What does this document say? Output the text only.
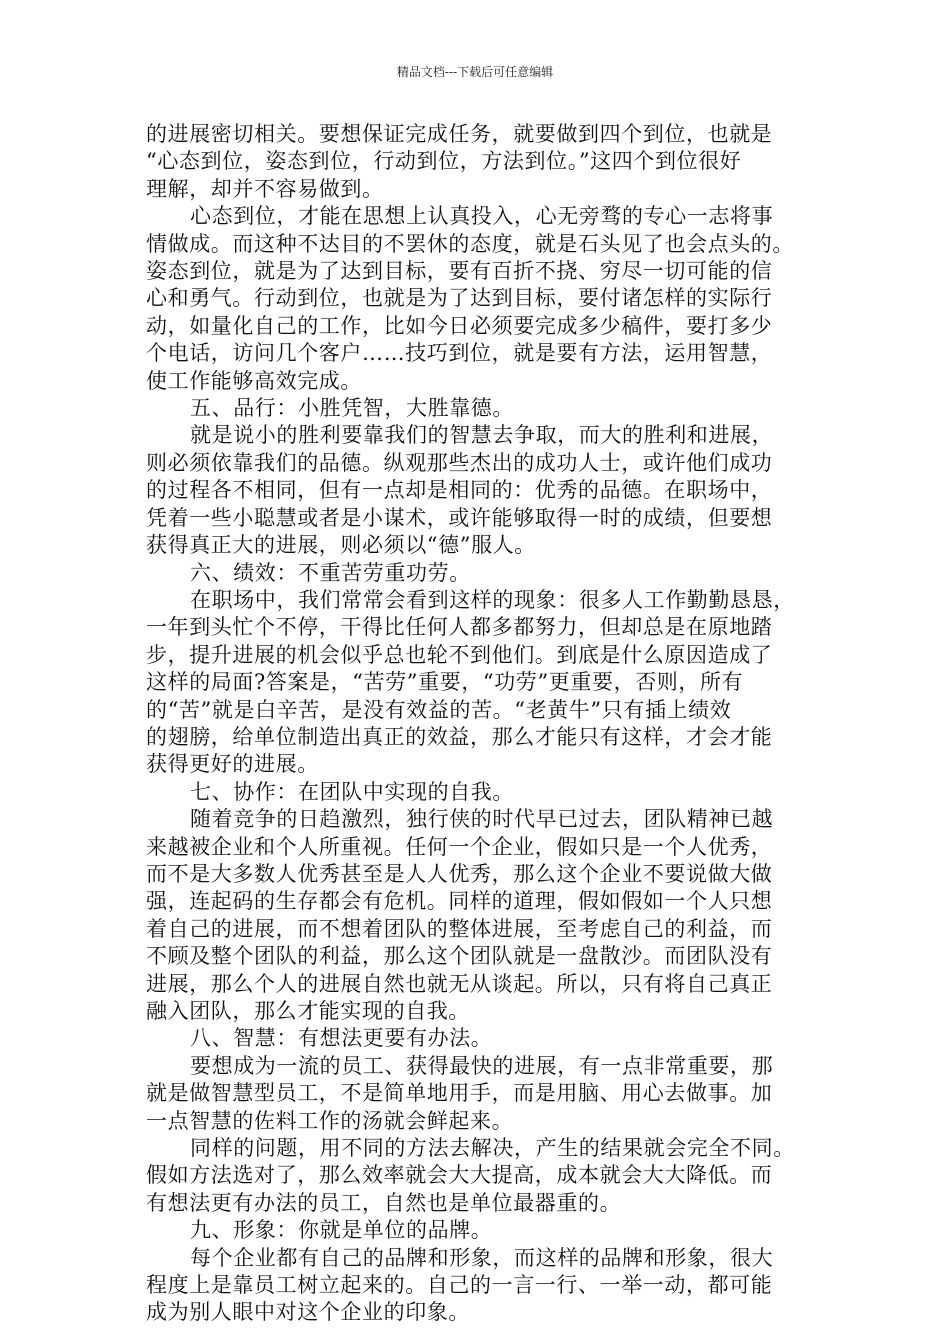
精品文档---下载后可任意编辑
的进展密切相关。要想保证完成任务，就要做到四个到位，也就是
“心态到位，姿态到位，行动到位，方法到位。”这四个到位很好
理解，却并不容易做到。
心态到位，才能在思想上认真投入，心无旁骛的专心一志将事
情做成。而这种不达目的不罢休的态度，就是石头见了也会点头的。
姿态到位，就是为了达到目标，要有百折不挠、穷尽一切可能的信
心和勇气。行动到位，也就是为了达到目标，要付诸怎样的实际行
动，如量化自己的工作，比如今日必须要完成多少稿件，要打多少
个电话，访问几个客户……技巧到位，就是要有方法，运用智慧，
使工作能够高效完成。
五、品行：小胜凭智，大胜靠德。
就是说小的胜利要靠我们的智慧去争取，而大的胜利和进展，
则必须依靠我们的品德。纵观那些杰出的成功人士，或许他们成功
的过程各不相同，但有一点却是相同的：优秀的品德。在职场中，
凭着一些小聪慧或者是小谋术，或许能够取得一时的成绩，但要想
获得真正大的进展，则必须以“德”服人。
六、绩效：不重苦劳重功劳。
在职场中，我们常常会看到这样的现象：很多人工作勤勤恳恳，
一年到头忙个不停，干得比任何人都多都努力，但却总是在原地踏
步，提升进展的机会似乎总也轮不到他们。到底是什么原因造成了
这样的局面?答案是，“苦劳”重要，“功劳”更重要，否则，所有
的“苦”就是白辛苦，是没有效益的苦。“老黄牛”只有插上绩效
的翅膀，给单位制造出真正的效益，那么才能只有这样，才会才能
获得更好的进展。
七、协作：在团队中实现的自我。
随着竞争的日趋激烈，独行侠的时代早已过去，团队精神已越
来越被企业和个人所重视。任何一个企业，假如只是一个人优秀，
而不是大多数人优秀甚至是人人优秀，那么这个企业不要说做大做
强，连起码的生存都会有危机。同样的道理，假如假如一个人只想
着自己的进展，而不想着团队的整体进展，至考虑自己的利益，而
不顾及整个团队的利益，那么这个团队就是一盘散沙。而团队没有
进展，那么个人的进展自然也就无从谈起。所以，只有将自己真正
融入团队，那么才能实现的自我。
八、智慧：有想法更要有办法。
要想成为一流的员工、获得最快的进展，有一点非常重要，那
就是做智慧型员工，不是简单地用手，而是用脑、用心去做事。加
一点智慧的佐料工作的汤就会鲜起来。
同样的问题，用不同的方法去解决，产生的结果就会完全不同。
假如方法选对了，那么效率就会大大提高，成本就会大大降低。而
有想法更有办法的员工，自然也是单位最器重的。
九、形象：你就是单位的品牌。
每个企业都有自己的品牌和形象，而这样的品牌和形象，很大
程度上是靠员工树立起来的。自己的一言一行、一举一动，都可能
成为别人眼中对这个企业的印象。
